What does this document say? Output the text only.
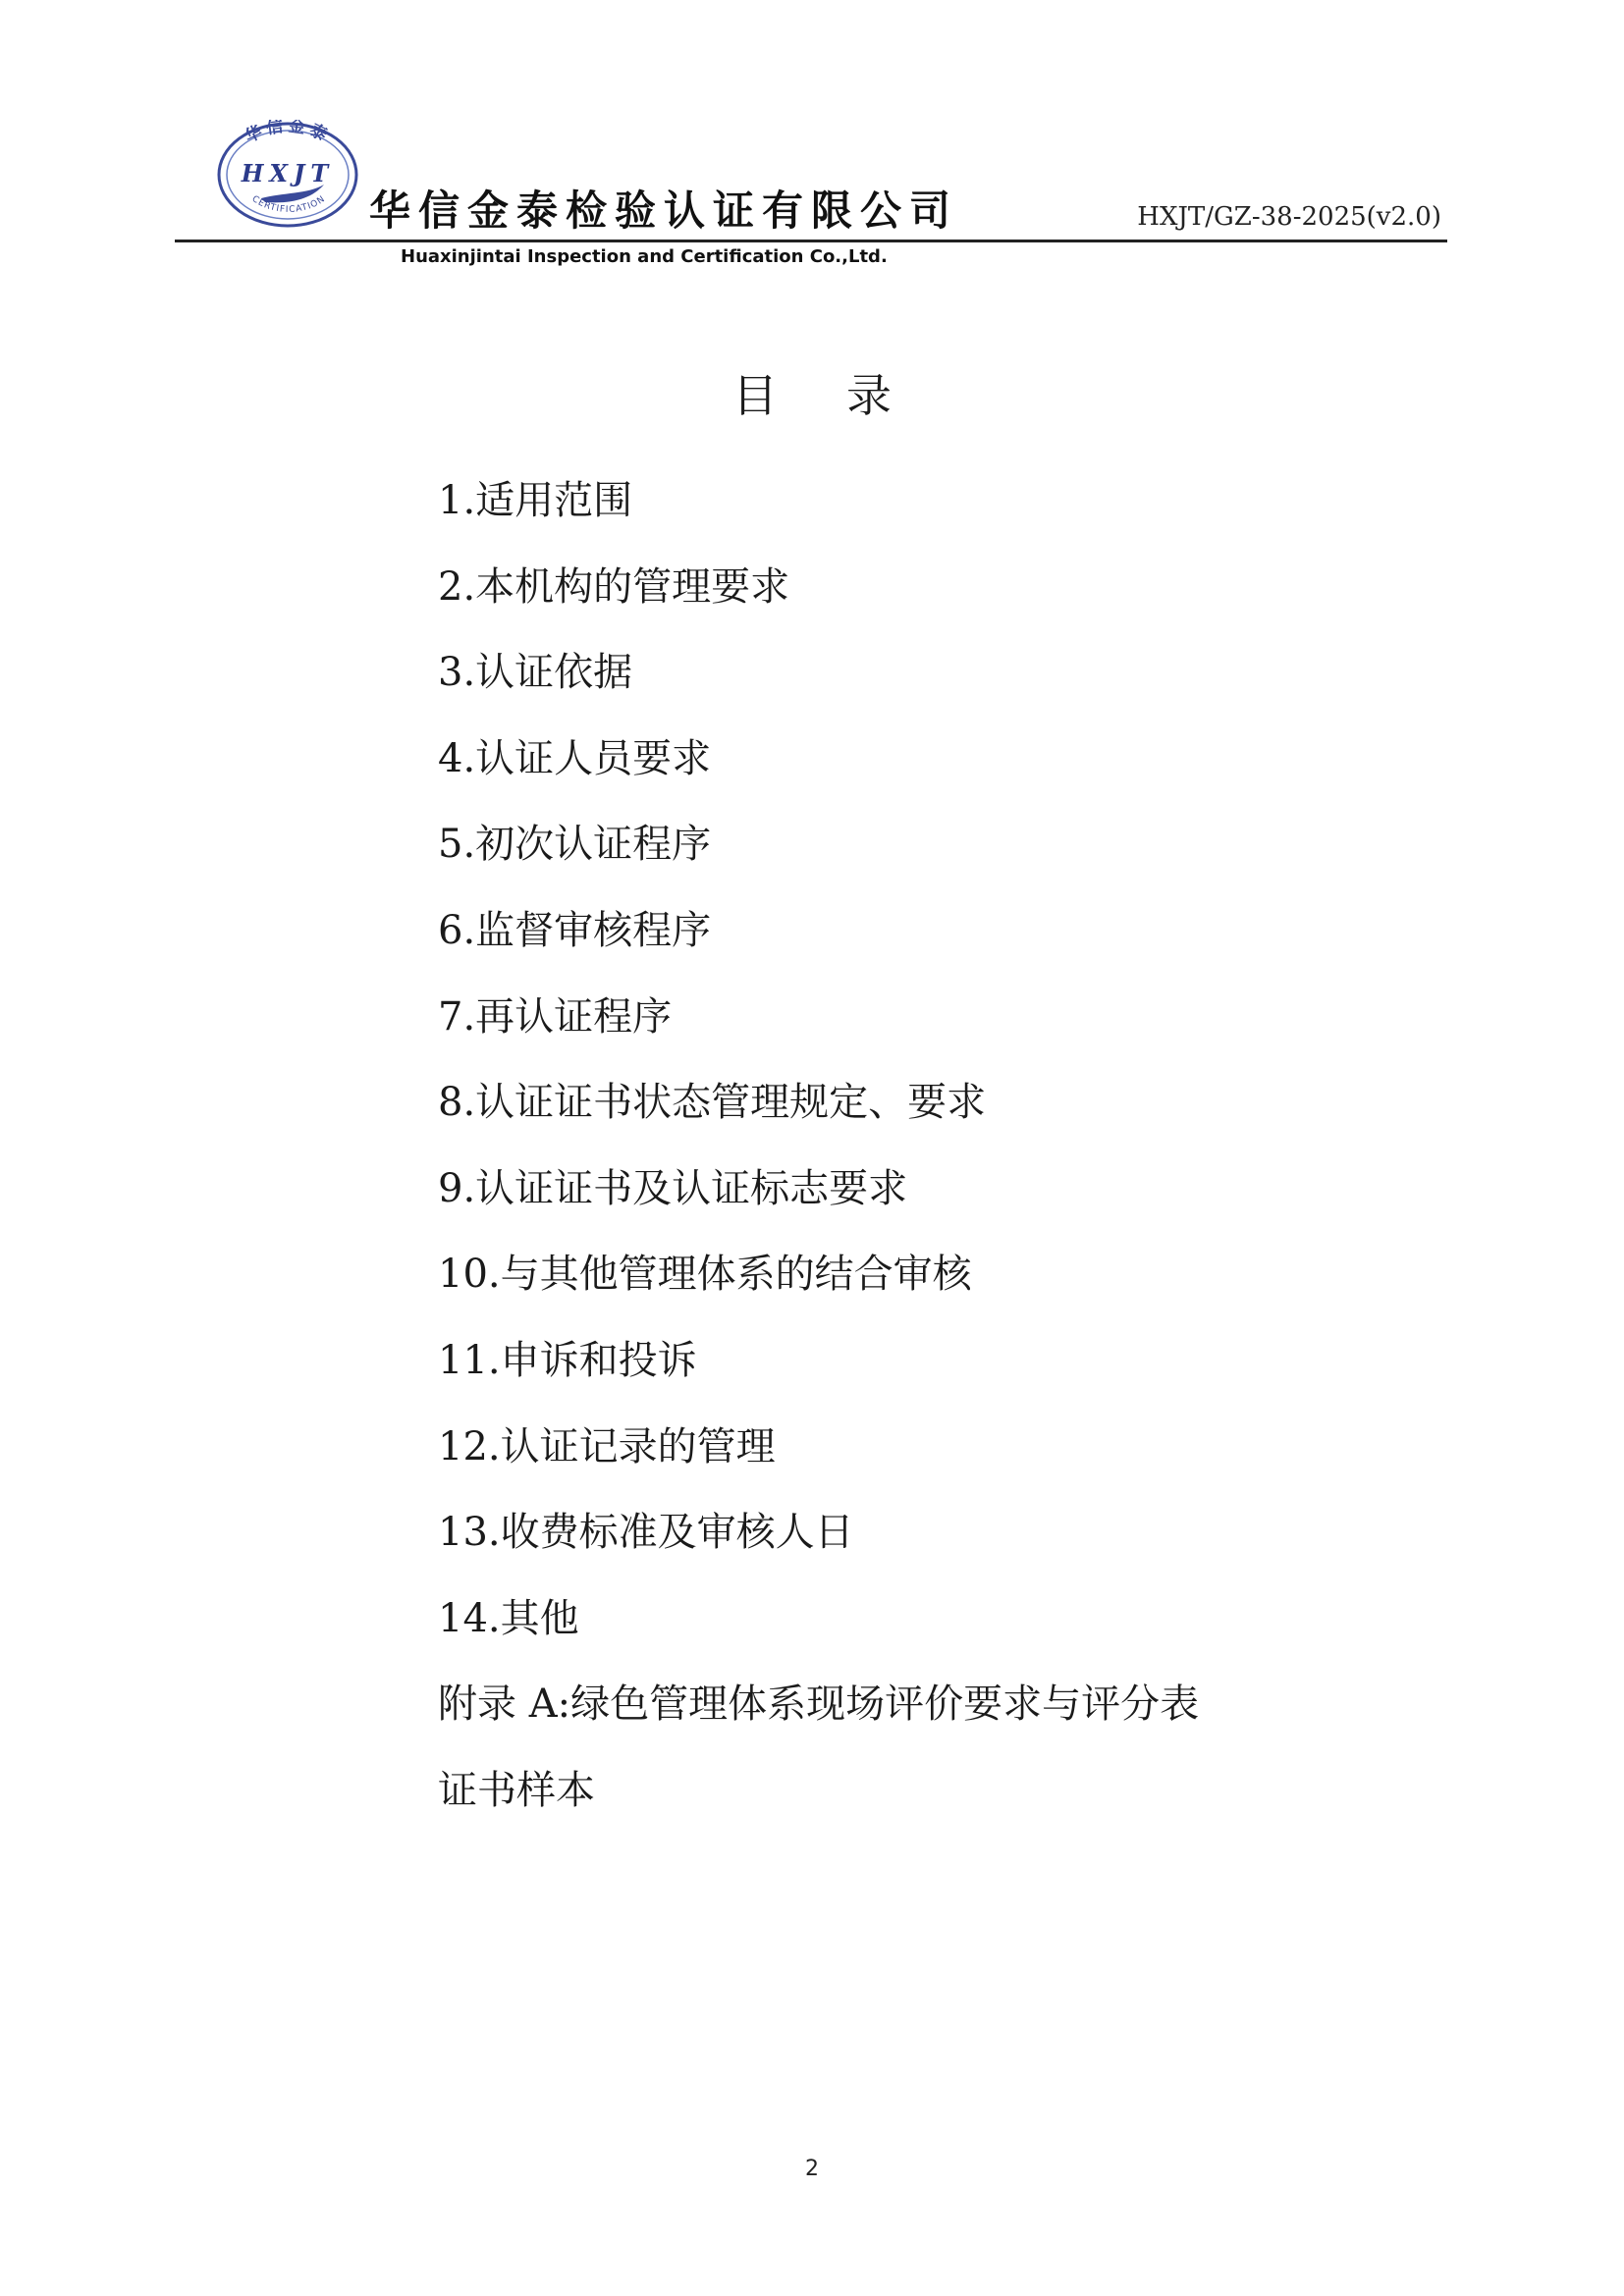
华信金泰
HXJT
CERTIFICATION 华信金泰检验认证有限公司	HXJT/GZ-38-2025(v2.0)
Huaxinjintai Inspection and Certification Co.,Ltd.
目录
1.适用范围
2.本机构的管理要求
3.认证依据
4.认证人员要求
5.初次认证程序
6.监督审核程序
7.再认证程序
8.认证证书状态管理规定、要求
9.认证证书及认证标志要求
10.与其他管理体系的结合审核
11.申诉和投诉
12.认证记录的管理
13.收费标准及审核人日
14.其他
附录 A:绿色管理体系现场评价要求与评分表
证书样本
2
